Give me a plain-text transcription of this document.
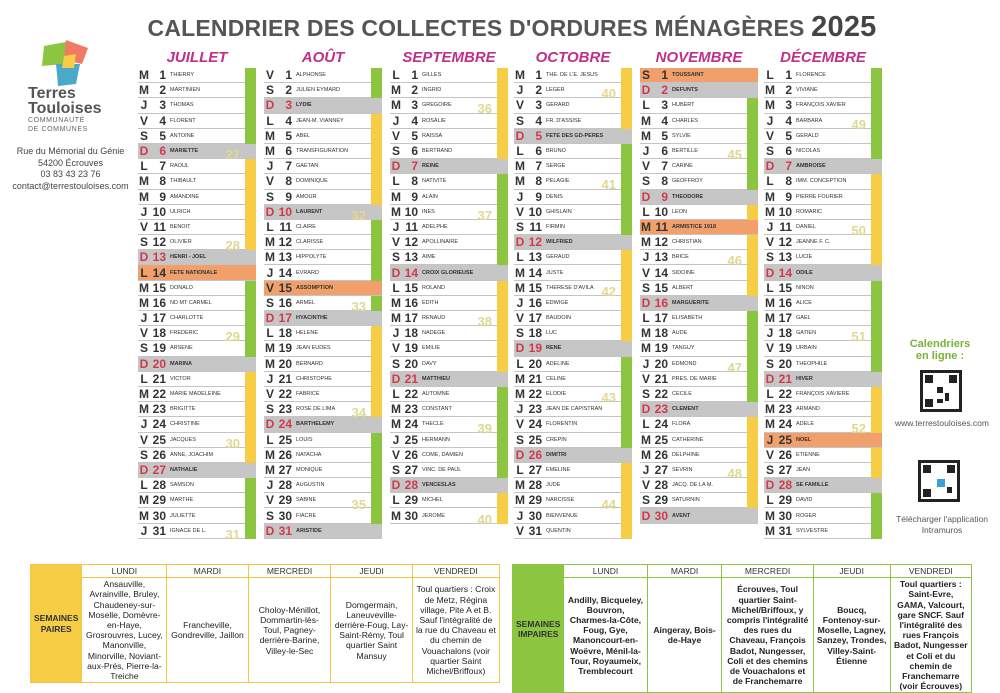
CALENDRIER DES COLLECTES D'ORDURES MÉNAGÈRES 2025
Terres
Touloises
COMMUNAUTÉ
DE COMMUNES
Rue du Mémorial du Génie
54200 Écrouves
03 83 43 23 76
contact@terrestouloises.com
JUILLET
M 1 THIERRY
M 2 MARTINIEN
J 3 THOMAS
V 4 FLORENT
S 5 ANTOINE
D 6 MARIETTE
L 7 RAOUL
M 8 THIBAULT
M 9 AMANDINE
J 10 ULRICH
V 11 BENOÎT
S 12 OLIVIER
D 13 HENRI - JOËL
L 14 FÊTE NATIONALE
M 15 DONALD
M 16 ND MT CARMEL
J 17 CHARLOTTE
V 18 FRÉDÉRIC
S 19 ARSÈNE
D 20 MARINA
L 21 VICTOR
M 22 MARIE MADELEINE
M 23 BRIGITTE
J 24 CHRISTINE
V 25 JACQUES
S 26 ANNE, JOACHIM
D 27 NATHALIE
L 28 SAMSON
M 29 MARTHE
M 30 JULIETTE
J 31 IGNACE DE L.
27
28
29
30
31
AOÛT
V 1 ALPHONSE
S 2 JULIEN EYMARD
D 3 LYDIE
L 4 JEAN-M. VIANNEY
M 5 ABEL
M 6 TRANSFIGURATION
J 7 GAËTAN
V 8 DOMINIQUE
S 9 AMOUR
D 10 LAURENT
L 11 CLAIRE
M 12 CLARISSE
M 13 HIPPOLYTE
J 14 EVRARD
V 15 ASSOMPTION
S 16 ARMEL
D 17 HYACINTHE
L 18 HÉLÈNE
M 19 JEAN EUDES
M 20 BERNARD
J 21 CHRISTOPHE
V 22 FABRICE
S 23 ROSE DE LIMA
D 24 BARTHÉLÉMY
L 25 LOUIS
M 26 NATACHA
M 27 MONIQUE
J 28 AUGUSTIN
V 29 SABINE
S 30 FIACRE
D 31 ARISTIDE
32
33
34
35
SEPTEMBRE
L 1 GILLES
M 2 INGRID
M 3 GRÉGOIRE
J 4 ROSALIE
V 5 RAÏSSA
S 6 BERTRAND
D 7 REINE
L 8 NATIVITÉ
M 9 ALAIN
M 10 INÈS
J 11 ADELPHE
V 12 APOLLINAIRE
S 13 AIMÉ
D 14 CROIX GLORIEUSE
L 15 ROLAND
M 16 ÉDITH
M 17 RENAUD
J 18 NADÈGE
V 19 ÉMILIE
S 20 DAVY
D 21 MATTHIEU
L 22 AUTOMNE
M 23 CONSTANT
M 24 THÈCLE
J 25 HERMANN
V 26 CÔME, DAMIEN
S 27 VINC. DE PAUL
D 28 VENCESLAS
L 29 MICHEL
M 30 JÉRÔME
36
37
38
39
40
OCTOBRE
M 1 THÉ. DE L'E. JÉSUS
J 2 LÉGER
V 3 GÉRARD
S 4 FR. D'ASSISE
D 5 FÊTE DES GD-PÈRES
L 6 BRUNO
M 7 SERGE
M 8 PÉLAGIE
J 9 DENIS
V 10 GHISLAIN
S 11 FIRMIN
D 12 WILFRIED
L 13 GÉRAUD
M 14 JUSTE
M 15 THÉRÈSE D'AVILA
J 16 EDWIGE
V 17 BAUDOIN
S 18 LUC
D 19 RENÉ
L 20 ADELINE
M 21 CÉLINE
M 22 ÉLODIE
J 23 JEAN DE CAPISTRAN
V 24 FLORENTIN
S 25 CRÉPIN
D 26 DIMITRI
L 27 ÉMELINE
M 28 JUDE
M 29 NARCISSE
J 30 BIENVENUE
V 31 QUENTIN
40
41
42
43
44
NOVEMBRE
S 1 TOUSSAINT
D 2 DÉFUNTS
L 3 HUBERT
M 4 CHARLES
M 5 SYLVIE
J 6 BERTILLE
V 7 CARINE
S 8 GEOFFROY
D 9 THÉODORE
L 10 LÉON
M 11 ARMISTICE 1918
M 12 CHRISTIAN
J 13 BRICE
V 14 SIDOINE
S 15 ALBERT
D 16 MARGUERITE
L 17 ÉLISABETH
M 18 AUDE
M 19 TANGUY
J 20 EDMOND
V 21 PRÉS. DE MARIE
S 22 CÉCILE
D 23 CLÉMENT
L 24 FLORA
M 25 CATHERINE
M 26 DELPHINE
J 27 SÉVRIN
V 28 JACQ. DE LA M.
S 29 SATURNIN
D 30 AVENT
45
46
47
48
DÉCEMBRE
L 1 FLORENCE
M 2 VIVIANE
M 3 FRANÇOIS XAVIER
J 4 BARBARA
V 5 GÉRALD
S 6 NICOLAS
D 7 AMBROISE
L 8 IMM. CONCEPTION
M 9 PIERRE FOURIER
M 10 ROMARIC
J 11 DANIEL
V 12 JEANNE F. C.
S 13 LUCIE
D 14 ODILE
L 15 NINON
M 16 ALICE
M 17 GAËL
J 18 GATIEN
V 19 URBAIN
S 20 THÉOPHILE
D 21 HIVER
L 22 FRANÇOIS XAVIÈRE
M 23 ARMAND
M 24 ADÈLE
J 25 NOËL
V 26 ÉTIENNE
S 27 JEAN
D 28 SÉ FAMILLE
L 29 DAVID
M 30 ROGER
M 31 SYLVESTRE
49
50
51
52
Calendriers
en ligne :
www.terrestouloises.com
Télécharger l'application
Intramuros
SEMAINES
PAIRES	LUNDI	MARDI	MERCREDI	JEUDI	VENDREDI
	Ansauville, Avrainville, Bruley, Chaudeney-sur-Moselle, Domèvre-en-Haye, Grosrouvres, Lucey, Manonville, Minorville, Noviant-aux-Prés, Pierre-la-Treiche	Francheville, Gondreville, Jaillon	Choloy-Ménillot, Dommartin-lès-Toul, Pagney-derrière-Barine, Villey-le-Sec	Domgermain, Laneuveville-derrière-Foug, Lay-Saint-Rémy, Toul quartier Saint Mansuy	Toul quartiers : Croix de Metz, Régina village, Pite A et B. Sauf l'intégralité de la rue du Chaveau et du chemin de Vouachalons (voir quartier Saint Michel/Briffoux)
SEMAINES
IMPAIRES	LUNDI	MARDI	MERCREDI	JEUDI	VENDREDI
	Andilly, Bicqueley, Bouvron, Charmes-la-Côte, Foug, Gye, Manoncourt-en-Woëvre, Ménil-la-Tour, Royaumeix, Tremblecourt	Aingeray, Bois-de-Haye	Écrouves, Toul quartier Saint-Michel/Briffoux, y compris l'intégralité des rues du Chaveau, François Badot, Nungesser, Coli et des chemins de Vouachalons et de Franchemarre	Boucq, Fontenoy-sur-Moselle, Lagney, Sanzey, Trondes, Villey-Saint-Étienne	Toul quartiers : Saint-Evre, GAMA, Valcourt, gare SNCF. Sauf l'intégralité des rues François Badot, Nungesser et Coli et du chemin de Franchemarre (voir Écrouves)
